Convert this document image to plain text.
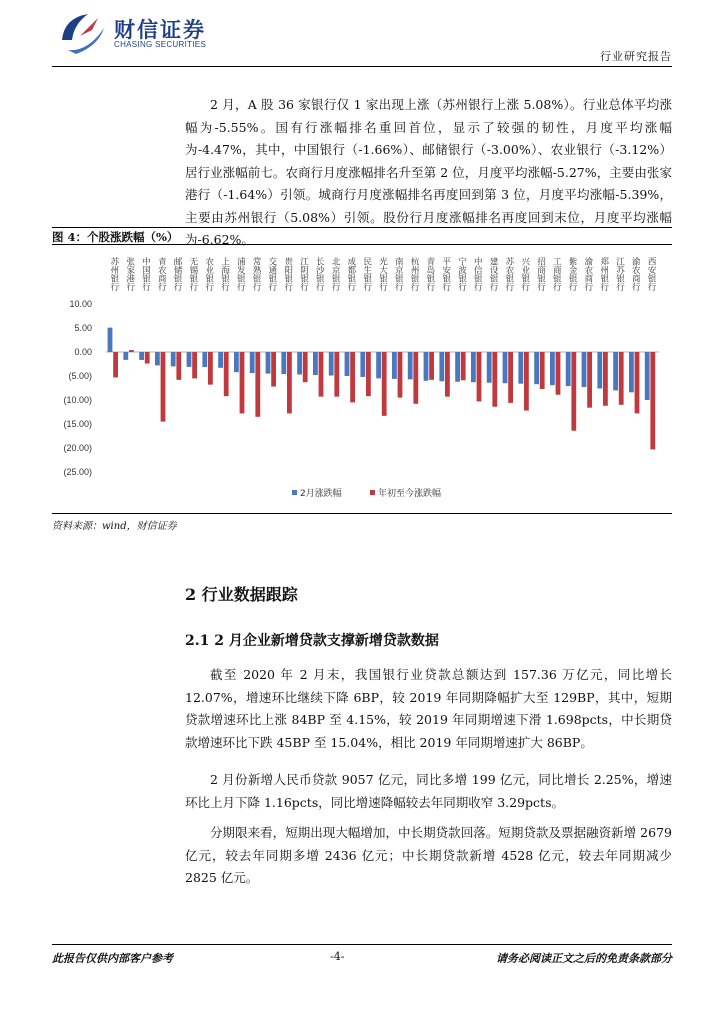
财信证券
CHASING SECURITIES
行业研究报告

2 月，A 股 36 家银行仅 1 家出现上涨（苏州银行上涨 5.08%）。行业总体平均涨幅为-5.55%。国有行涨幅排名重回首位，显示了较强的韧性，月度平均涨幅为-4.47%，其中，中国银行（-1.66%）、邮储银行（-3.00%）、农业银行（-3.12%）居行业涨幅前七。农商行月度涨幅排名升至第 2 位，月度平均涨幅-5.27%，主要由张家港行（-1.64%）引领。城商行月度涨幅排名再度回到第 3 位，月度平均涨幅-5.39%，主要由苏州银行（5.08%）引领。股份行月度涨幅排名再度回到末位，月度平均涨幅为-6.62%。

图 4：个股涨跌幅（%）
苏州银行 张家港行 中国银行 青农商行 邮储银行 无锡银行 农业银行 上海银行 浦发银行 常熟银行 交通银行 贵阳银行 江阴银行 长沙银行 北京银行 成都银行 民生银行 光大银行 南京银行 杭州银行 青岛银行 平安银行 宁波银行 中信银行 建设银行 苏农银行 兴业银行 招商银行 工商银行 紫金银行 渝农商行 郑州银行 江苏银行 渝农商行 西安银行
10.00
5.00
0.00
(5.00)
(10.00)
(15.00)
(20.00)
(25.00)
2月涨跌幅	年初至今涨跌幅
资料来源：wind，财信证券
2 行业数据跟踪
2.1 2 月企业新增贷款支撑新增贷款数据

截至 2020 年 2 月末，我国银行业贷款总额达到 157.36 万亿元，同比增长 12.07%，增速环比继续下降 6BP，较 2019 年同期降幅扩大至 129BP，其中，短期贷款增速环比上涨 84BP 至 4.15%，较 2019 年同期增速下滑 1.698pcts，中长期贷款增速环比下跌 45BP 至 15.04%，相比 2019 年同期增速扩大 86BP。

2 月份新增人民币贷款 9057 亿元，同比多增 199 亿元，同比增长 2.25%，增速环比上月下降 1.16pcts，同比增速降幅较去年同期收窄 3.29pcts。

分期限来看，短期出现大幅增加，中长期贷款回落。短期贷款及票据融资新增 2679 亿元，较去年同期多增 2436 亿元；中长期贷款新增 4528 亿元，较去年同期减少 2825 亿元。

此报告仅供内部客户参考	-4-	请务必阅读正文之后的免责条款部分
